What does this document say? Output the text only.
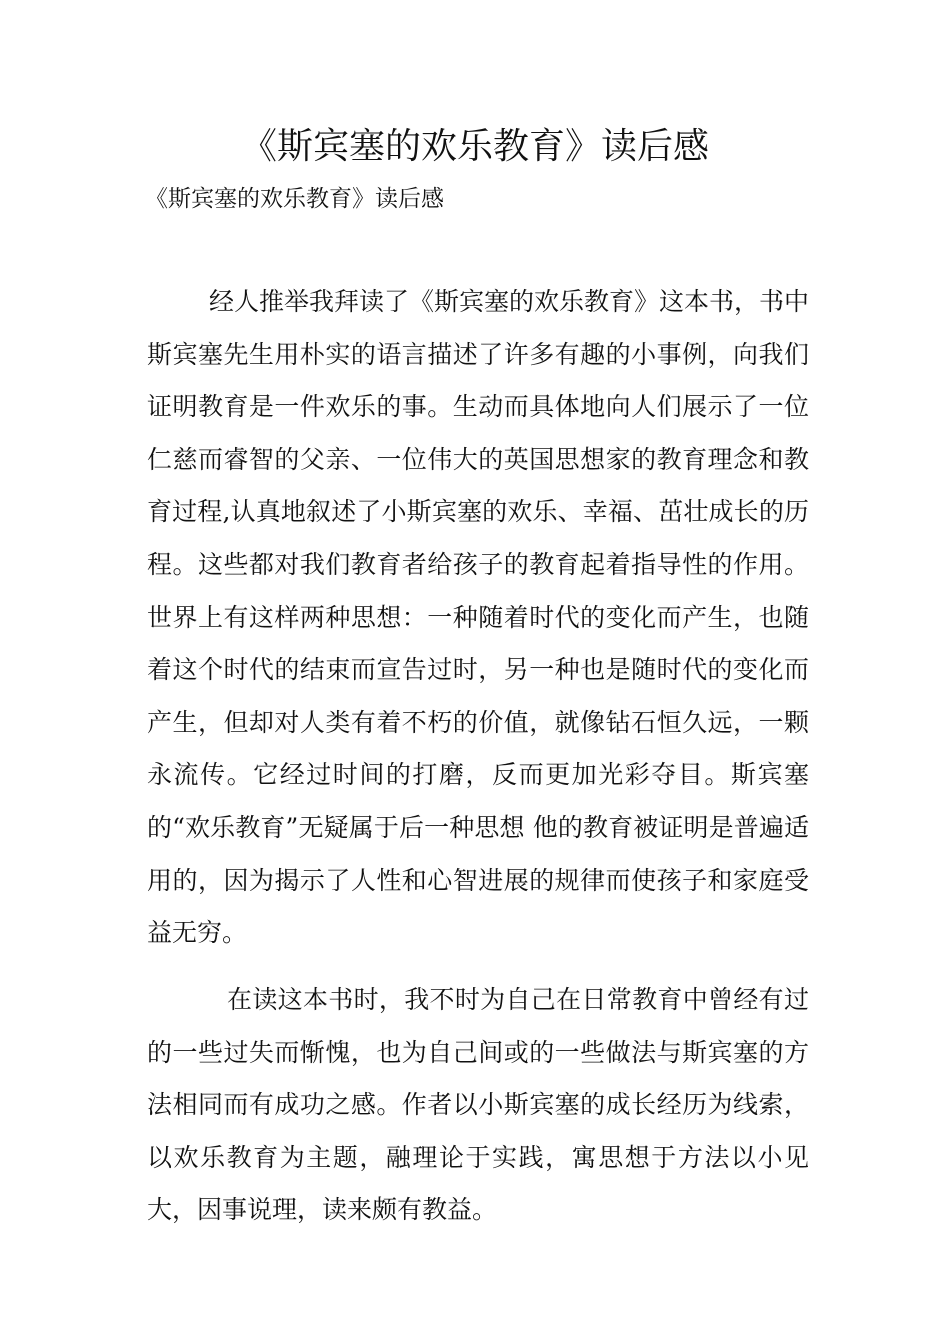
《斯宾塞的欢乐教育》读后感

《斯宾塞的欢乐教育》读后感

经人推举我拜读了《斯宾塞的欢乐教育》这本书，书中斯宾塞先生用朴实的语言描述了许多有趣的小事例，向我们证明教育是一件欢乐的事。生动而具体地向人们展示了一位仁慈而睿智的父亲、一位伟大的英国思想家的教育理念和教育过程,认真地叙述了小斯宾塞的欢乐、幸福、茁壮成长的历程。这些都对我们教育者给孩子的教育起着指导性的作用。世界上有这样两种思想：一种随着时代的变化而产生，也随着这个时代的结束而宣告过时，另一种也是随时代的变化而产生，但却对人类有着不朽的价值，就像钻石恒久远，一颗永流传。它经过时间的打磨，反而更加光彩夺目。斯宾塞的“欢乐教育”无疑属于后一种思想 他的教育被证明是普遍适用的，因为揭示了人性和心智进展的规律而使孩子和家庭受益无穷。

在读这本书时，我不时为自己在日常教育中曾经有过的一些过失而惭愧，也为自己间或的一些做法与斯宾塞的方法相同而有成功之感。作者以小斯宾塞的成长经历为线索，以欢乐教育为主题，融理论于实践，寓思想于方法以小见大，因事说理，读来颇有教益。
